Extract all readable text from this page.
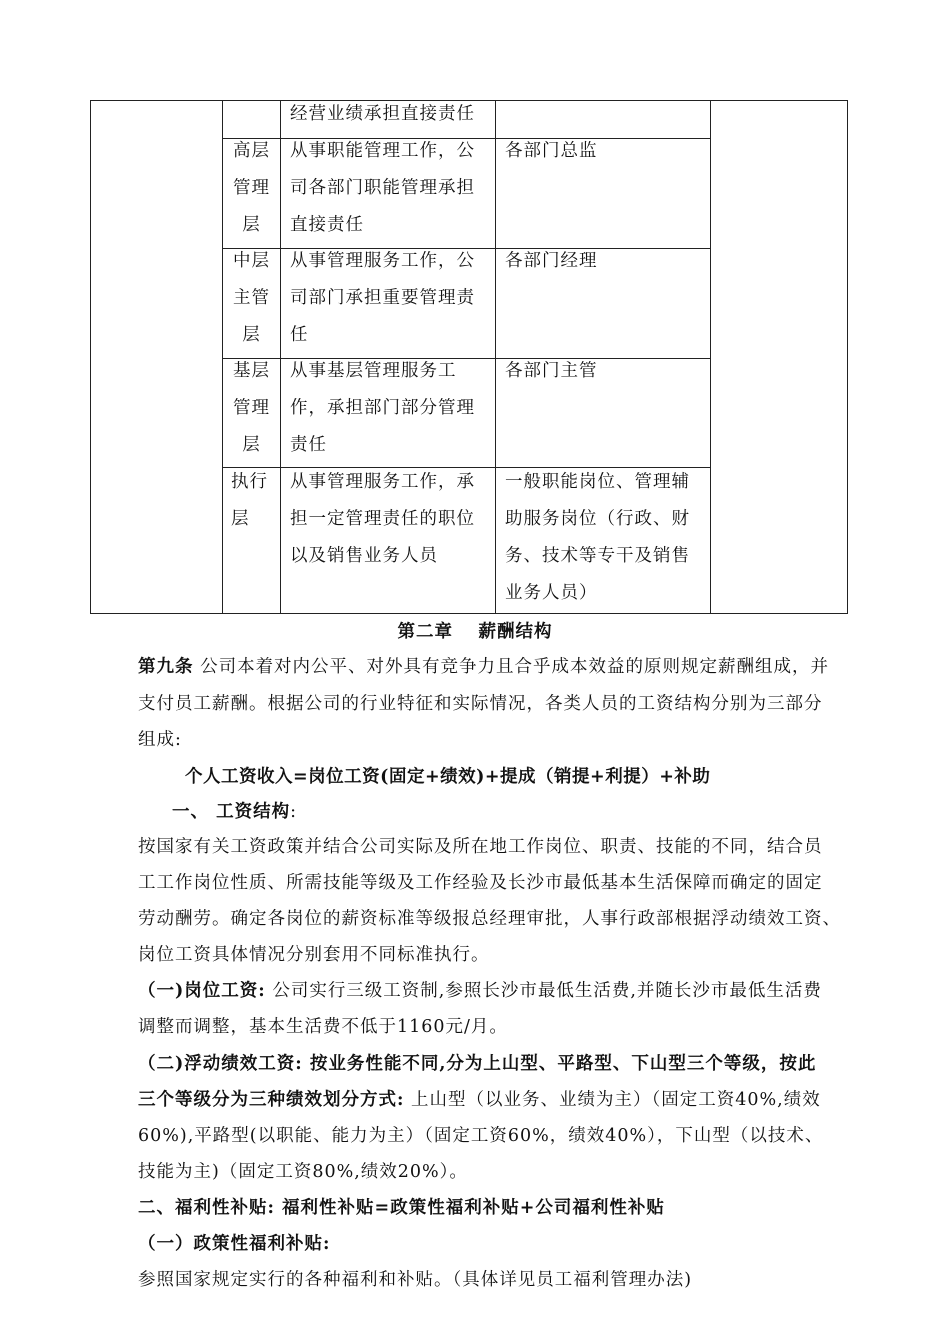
经营业绩承担直接责任
高层
管理
层
从事职能管理工作，公
司各部门职能管理承担
直接责任
各部门总监
中层
主管
层
从事管理服务工作，公
司部门承担重要管理责
任
各部门经理
基层
管理
层
从事基层管理服务工
作，承担部门部分管理
责任
各部门主管
执行
层
从事管理服务工作，承
担一定管理责任的职位
以及销售业务人员
一般职能岗位、管理辅
助服务岗位（行政、财
务、技术等专干及销售
业务人员）
第二章　 薪酬结构
第九条 公司本着对内公平、对外具有竞争力且合乎成本效益的原则规定薪酬组成，并
支付员工薪酬。根据公司的行业特征和实际情况，各类人员的工资结构分别为三部分
组成:
个人工资收入=岗位工资(固定+绩效)+提成（销提+利提）+补助
一、 工资结构:
按国家有关工资政策并结合公司实际及所在地工作岗位、职责、技能的不同，结合员
工工作岗位性质、所需技能等级及工作经验及长沙市最低基本生活保障而确定的固定
劳动酬劳。确定各岗位的薪资标准等级报总经理审批，人事行政部根据浮动绩效工资、
岗位工资具体情况分别套用不同标准执行。
（一)岗位工资: 公司实行三级工资制,参照长沙市最低生活费,并随长沙市最低生活费
调整而调整，基本生活费不低于1160元/月。
（二)浮动绩效工资: 按业务性能不同,分为上山型、平路型、下山型三个等级，按此
三个等级分为三种绩效划分方式: 上山型（以业务、业绩为主）（固定工资40%,绩效
60%),平路型(以职能、能力为主）（固定工资60%，绩效40%），下山型（以技术、
技能为主)（固定工资80%,绩效20%）。
二、福利性补贴: 福利性补贴=政策性福利补贴+公司福利性补贴
（一）政策性福利补贴:
参照国家规定实行的各种福利和补贴。（具体详见员工福利管理办法)
